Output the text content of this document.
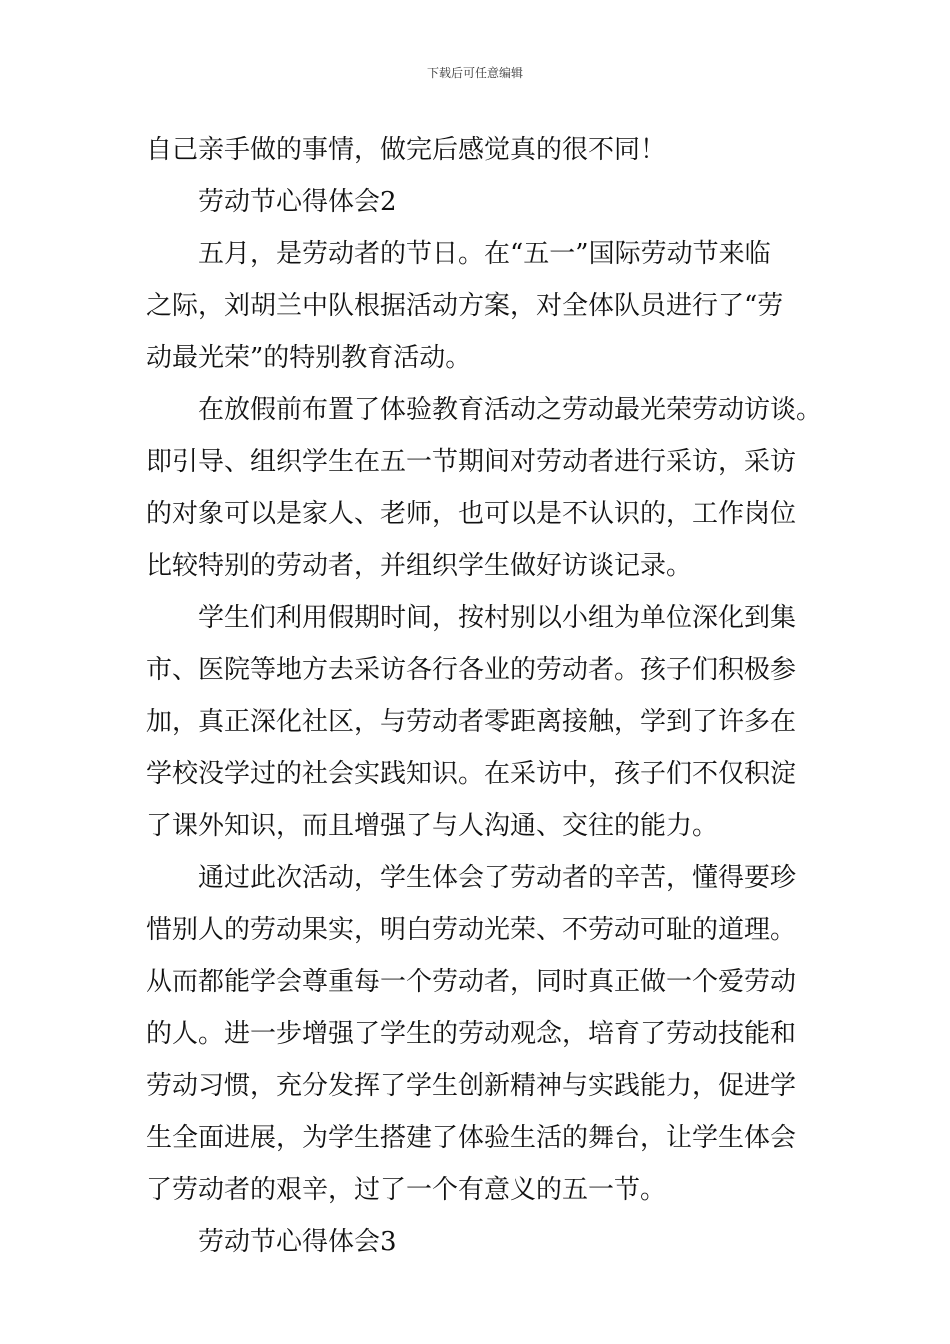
下载后可任意编辑
自己亲手做的事情，做完后感觉真的很不同！
劳动节心得体会2
五月，是劳动者的节日。在“五一”国际劳动节来临
之际，刘胡兰中队根据活动方案，对全体队员进行了“劳
动最光荣”的特别教育活动。
在放假前布置了体验教育活动之劳动最光荣劳动访谈。
即引导、组织学生在五一节期间对劳动者进行采访，采访
的对象可以是家人、老师，也可以是不认识的，工作岗位
比较特别的劳动者，并组织学生做好访谈记录。
学生们利用假期时间，按村别以小组为单位深化到集
市、医院等地方去采访各行各业的劳动者。孩子们积极参
加，真正深化社区，与劳动者零距离接触，学到了许多在
学校没学过的社会实践知识。在采访中，孩子们不仅积淀
了课外知识，而且增强了与人沟通、交往的能力。
通过此次活动，学生体会了劳动者的辛苦，懂得要珍
惜别人的劳动果实，明白劳动光荣、不劳动可耻的道理。
从而都能学会尊重每一个劳动者，同时真正做一个爱劳动
的人。进一步增强了学生的劳动观念，培育了劳动技能和
劳动习惯，充分发挥了学生创新精神与实践能力，促进学
生全面进展，为学生搭建了体验生活的舞台，让学生体会
了劳动者的艰辛，过了一个有意义的五一节。
劳动节心得体会3
